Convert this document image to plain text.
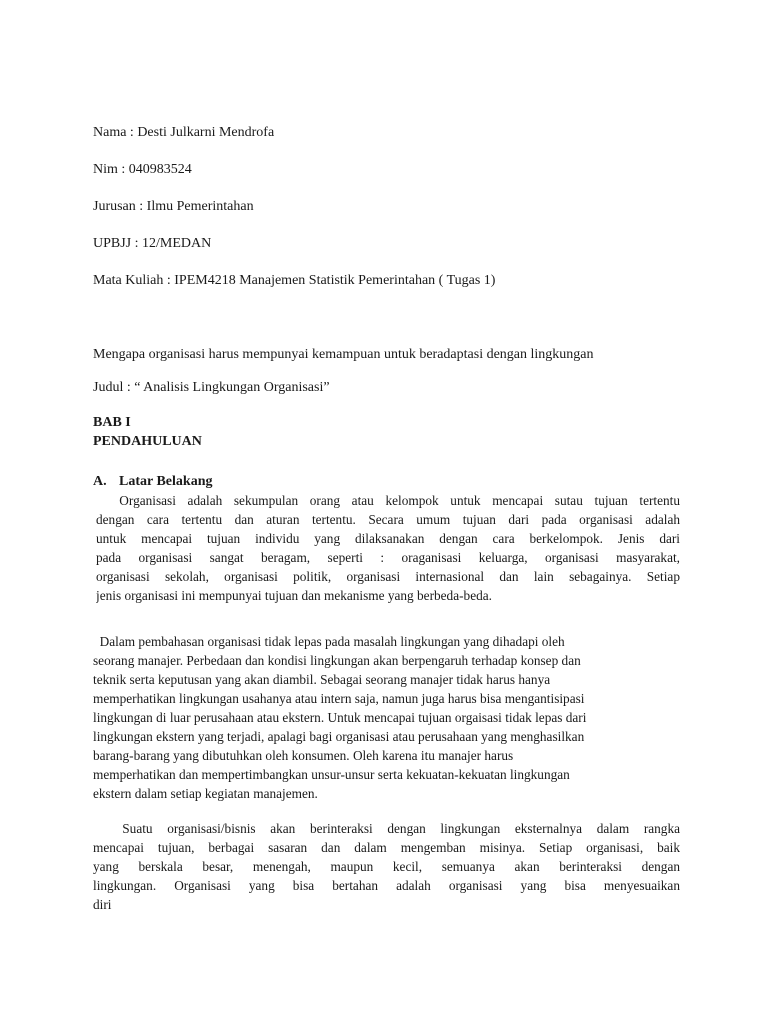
Nama : Desti Julkarni Mendrofa
Nim : 040983524
Jurusan : Ilmu Pemerintahan
UPBJJ : 12/MEDAN
Mata Kuliah : IPEM4218 Manajemen Statistik Pemerintahan ( Tugas 1)
Mengapa organisasi harus mempunyai kemampuan untuk beradaptasi dengan lingkungan
Judul : “ Analisis Lingkungan Organisasi”
BAB I
PENDAHULUAN
A. Latar Belakang
Organisasi adalah sekumpulan orang atau kelompok untuk mencapai sutau tujuan tertentu
dengan cara tertentu dan aturan tertentu. Secara umum tujuan dari pada organisasi adalah
untuk mencapai tujuan individu yang dilaksanakan dengan cara berkelompok. Jenis dari
pada organisasi sangat beragam, seperti : oraganisasi keluarga, organisasi masyarakat,
organisasi sekolah, organisasi politik, organisasi internasional dan lain sebagainya. Setiap
jenis organisasi ini mempunyai tujuan dan mekanisme yang berbeda-beda.
Dalam pembahasan organisasi tidak lepas pada masalah lingkungan yang dihadapi oleh
seorang manajer. Perbedaan dan kondisi lingkungan akan berpengaruh terhadap konsep dan
teknik serta keputusan yang akan diambil. Sebagai seorang manajer tidak harus hanya
memperhatikan lingkungan usahanya atau intern saja, namun juga harus bisa mengantisipasi
lingkungan di luar perusahaan atau ekstern. Untuk mencapai tujuan orgaisasi tidak lepas dari
lingkungan ekstern yang terjadi, apalagi bagi organisasi atau perusahaan yang menghasilkan
barang-barang yang dibutuhkan oleh konsumen. Oleh karena itu manajer harus
memperhatikan dan mempertimbangkan unsur-unsur serta kekuatan-kekuatan lingkungan
ekstern dalam setiap kegiatan manajemen.
Suatu organisasi/bisnis akan berinteraksi dengan lingkungan eksternalnya dalam rangka
mencapai tujuan, berbagai sasaran dan dalam mengemban misinya. Setiap organisasi, baik
yang berskala besar, menengah, maupun kecil, semuanya akan berinteraksi dengan
lingkungan. Organisasi yang bisa bertahan adalah organisasi yang bisa menyesuaikan
diri
